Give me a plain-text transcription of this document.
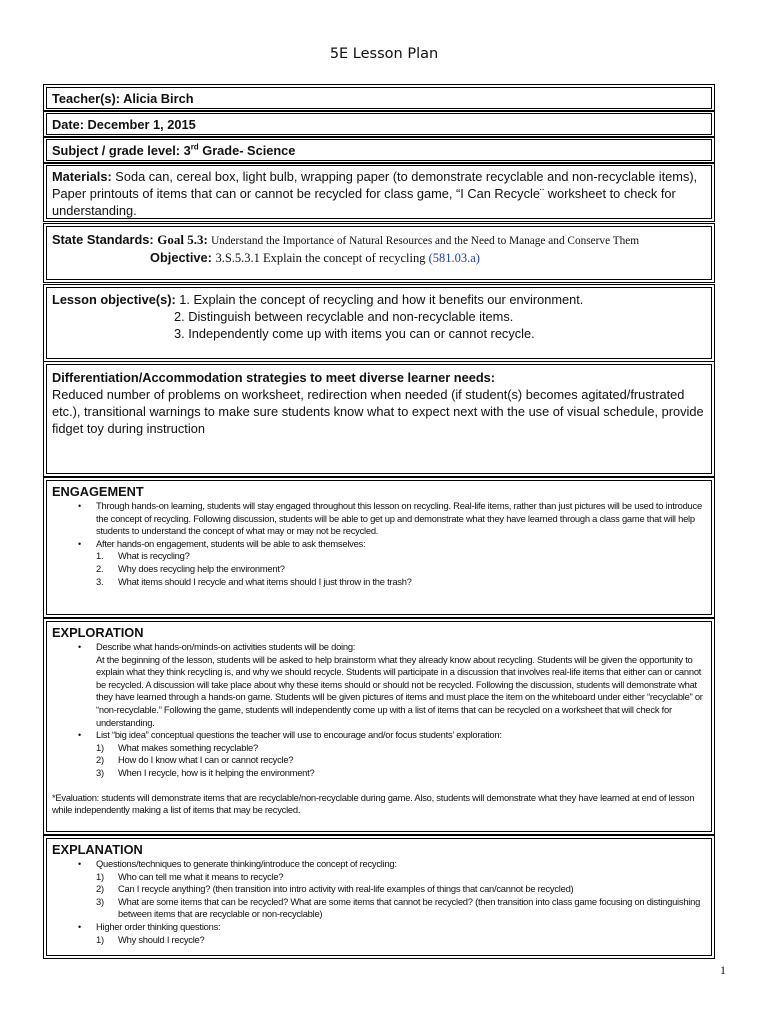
5E Lesson Plan
Teacher(s): Alicia Birch
Date: December 1, 2015
Subject / grade level: 3rd Grade- Science
Materials: Soda can, cereal box, light bulb, wrapping paper (to demonstrate recyclable and non-recyclable items), Paper printouts of items that can or cannot be recycled for class game, “I Can Recycle¨ worksheet to check for understanding.
State Standards: Goal 5.3: Understand the Importance of Natural Resources and the Need to Manage and Conserve Them
Objective: 3.S.5.3.1 Explain the concept of recycling (581.03.a)
Lesson objective(s): 1. Explain the concept of recycling and how it benefits our environment.
2. Distinguish between recyclable and non-recyclable items.
3. Independently come up with items you can or cannot recycle.
Differentiation/Accommodation strategies to meet diverse learner needs:
Reduced number of problems on worksheet, redirection when needed (if student(s) becomes agitated/frustrated etc.), transitional warnings to make sure students know what to expect next with the use of visual schedule, provide fidget toy during instruction
ENGAGEMENT
• Through hands-on learning, students will stay engaged throughout this lesson on recycling. Real-life items, rather than just pictures will be used to introduce the concept of recycling. Following discussion, students will be able to get up and demonstrate what they have learned through a class game that will help students to understand the concept of what may or may not be recycled.
• After hands-on engagement, students will be able to ask themselves:
1. What is recycling?
2. Why does recycling help the environment?
3. What items should I recycle and what items should I just throw in the trash?
EXPLORATION
• Describe what hands-on/minds-on activities students will be doing:
At the beginning of the lesson, students will be asked to help brainstorm what they already know about recycling. Students will be given the opportunity to explain what they think recycling is, and why we should recycle. Students will participate in a discussion that involves real-life items that either can or cannot be recycled. A discussion will take place about why these items should or should not be recycled. Following the discussion, students will demonstrate what they have learned through a hands-on game. Students will be given pictures of items and must place the item on the whiteboard under either “recyclable” or “non-recyclable.” Following the game, students will independently come up with a list of items that can be recycled on a worksheet that will check for understanding.
• List “big idea” conceptual questions the teacher will use to encourage and/or focus students’ exploration:
1) What makes something recyclable?
2) How do I know what I can or cannot recycle?
3) When I recycle, how is it helping the environment?
*Evaluation: students will demonstrate items that are recyclable/non-recyclable during game. Also, students will demonstrate what they have learned at end of lesson while independently making a list of items that may be recycled.
EXPLANATION
• Questions/techniques to generate thinking/introduce the concept of recycling:
1) Who can tell me what it means to recycle?
2) Can I recycle anything? (then transition into intro activity with real-life examples of things that can/cannot be recycled)
3) What are some items that can be recycled? What are some items that cannot be recycled? (then transition into class game focusing on distinguishing between items that are recyclable or non-recyclable)
• Higher order thinking questions:
1) Why should I recycle?
1
